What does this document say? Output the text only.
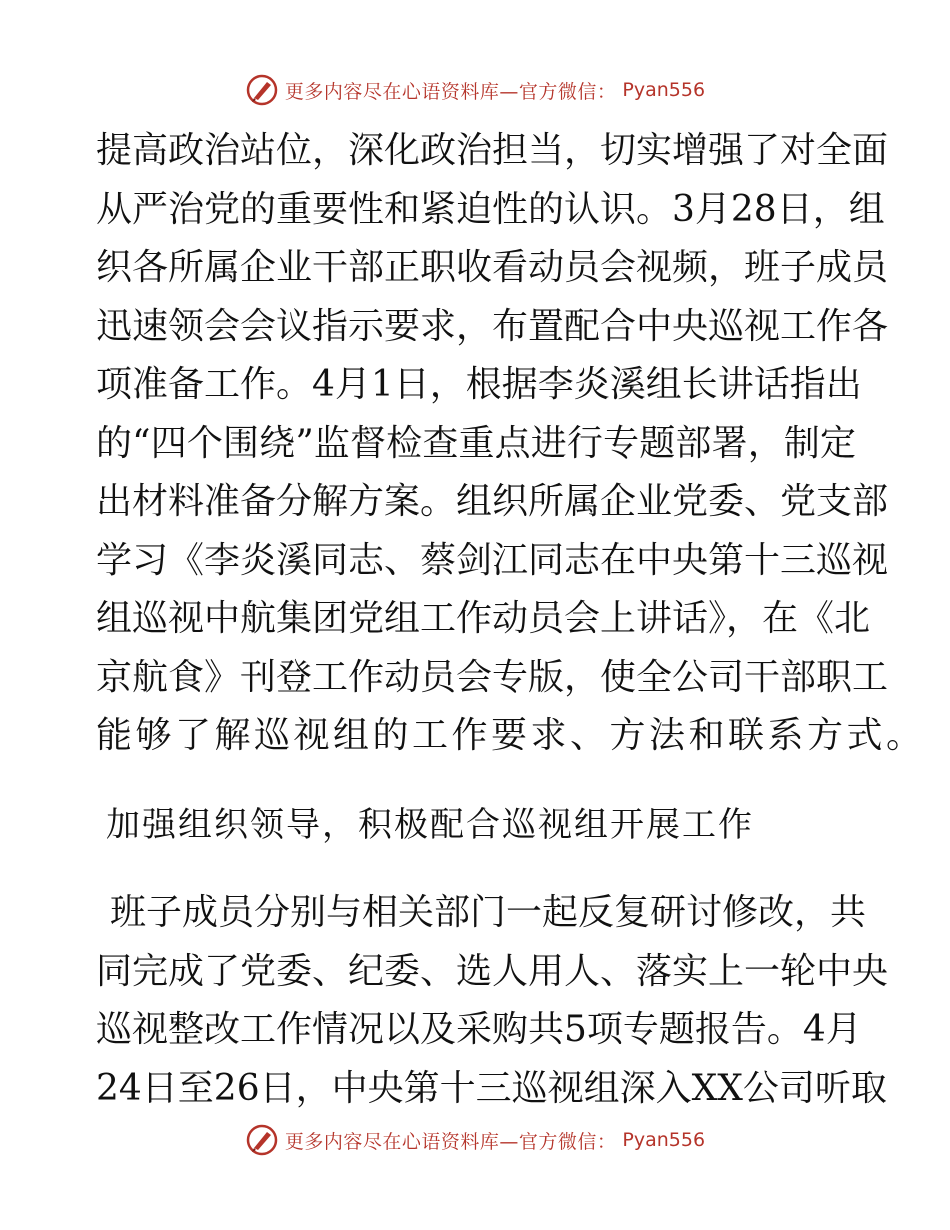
更多内容尽在心语资料库—官方微信： Pyan556
提高政治站位，深化政治担当，切实增强了对全面
从严治党的重要性和紧迫性的认识。3月28日，组
织各所属企业干部正职收看动员会视频，班子成员
迅速领会会议指示要求，布置配合中央巡视工作各
项准备工作。4月1日，根据李炎溪组长讲话指出
的“四个围绕”监督检查重点进行专题部署，制定
出材料准备分解方案。组织所属企业党委、党支部
学习《李炎溪同志、蔡剑江同志在中央第十三巡视
组巡视中航集团党组工作动员会上讲话》，在《北
京航食》刊登工作动员会专版，使全公司干部职工
能够了解巡视组的工作要求、方法和联系方式。
加强组织领导，积极配合巡视组开展工作
班子成员分别与相关部门一起反复研讨修改，共
同完成了党委、纪委、选人用人、落实上一轮中央
巡视整改工作情况以及采购共5项专题报告。4月
24日至26日，中央第十三巡视组深入XX公司听取
更多内容尽在心语资料库—官方微信： Pyan556
